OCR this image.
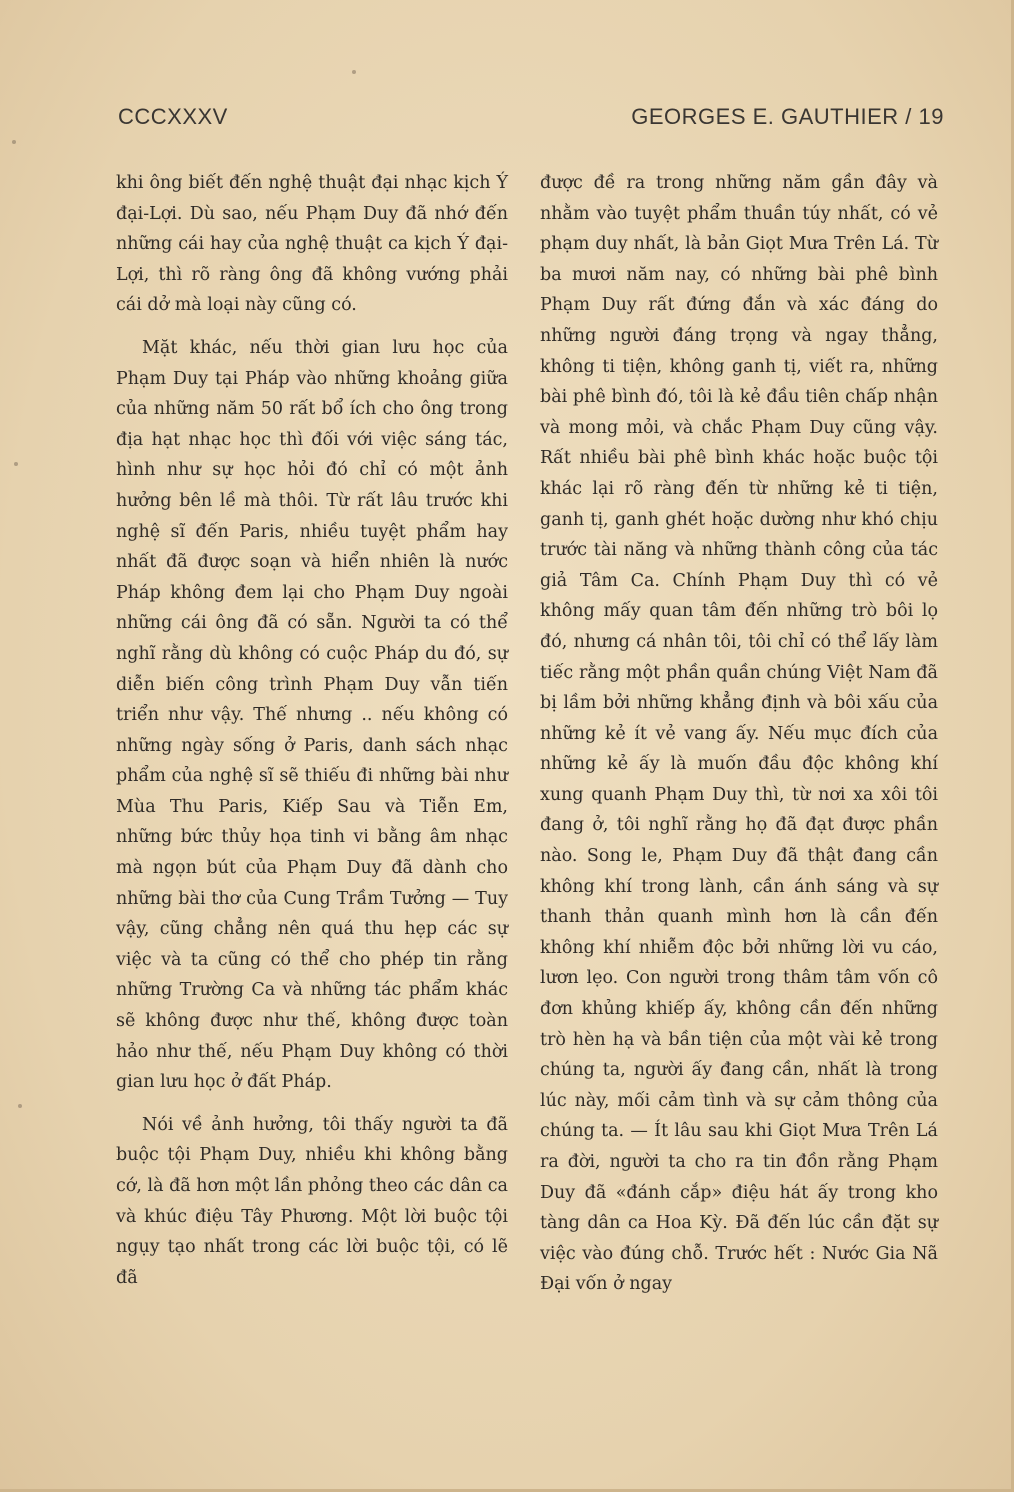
CCCXXXV	GEORGES E. GAUTHIER / 19

khi ông biết đến nghệ thuật đại nhạc kịch Ý đại-Lợi. Dù sao, nếu Phạm Duy đã nhớ đến những cái hay của nghệ thuật ca kịch Ý đại-Lợi, thì rõ ràng ông đã không vướng phải cái dở mà loại này cũng có.

Mặt khác, nếu thời gian lưu học của Phạm Duy tại Pháp vào những khoảng giữa của những năm 50 rất bổ ích cho ông trong địa hạt nhạc học thì đối với việc sáng tác, hình như sự học hỏi đó chỉ có một ảnh hưởng bên lề mà thôi. Từ rất lâu trước khi nghệ sĩ đến Paris, nhiều tuyệt phẩm hay nhất đã được soạn và hiển nhiên là nước Pháp không đem lại cho Phạm Duy ngoài những cái ông đã có sẵn. Người ta có thể nghĩ rằng dù không có cuộc Pháp du đó, sự diễn biến công trình Phạm Duy vẫn tiến triển như vậy. Thế nhưng .. nếu không có những ngày sống ở Paris, danh sách nhạc phẩm của nghệ sĩ sẽ thiếu đi những bài như Mùa Thu Paris, Kiếp Sau và Tiễn Em, những bức thủy họa tinh vi bằng âm nhạc mà ngọn bút của Phạm Duy đã dành cho những bài thơ của Cung Trầm Tưởng — Tuy vậy, cũng chẳng nên quá thu hẹp các sự việc và ta cũng có thể cho phép tin rằng những Trường Ca và những tác phẩm khác sẽ không được như thế, không được toàn hảo như thế, nếu Phạm Duy không có thời gian lưu học ở đất Pháp.

Nói về ảnh hưởng, tôi thấy người ta đã buộc tội Phạm Duy, nhiều khi không bằng cớ, là đã hơn một lần phỏng theo các dân ca và khúc điệu Tây Phương. Một lời buộc tội ngụy tạo nhất trong các lời buộc tội, có lẽ đã

được đề ra trong những năm gần đây và nhằm vào tuyệt phẩm thuần túy nhất, có vẻ phạm duy nhất, là bản Giọt Mưa Trên Lá. Từ ba mươi năm nay, có những bài phê bình Phạm Duy rất đứng đắn và xác đáng do những người đáng trọng và ngay thẳng, không ti tiện, không ganh tị, viết ra, những bài phê bình đó, tôi là kẻ đầu tiên chấp nhận và mong mỏi, và chắc Phạm Duy cũng vậy. Rất nhiều bài phê bình khác hoặc buộc tội khác lại rõ ràng đến từ những kẻ ti tiện, ganh tị, ganh ghét hoặc dường như khó chịu trước tài năng và những thành công của tác giả Tâm Ca. Chính Phạm Duy thì có vẻ không mấy quan tâm đến những trò bôi lọ đó, nhưng cá nhân tôi, tôi chỉ có thể lấy làm tiếc rằng một phần quần chúng Việt Nam đã bị lầm bởi những khẳng định và bôi xấu của những kẻ ít vẻ vang ấy. Nếu mục đích của những kẻ ấy là muốn đầu độc không khí xung quanh Phạm Duy thì, từ nơi xa xôi tôi đang ở, tôi nghĩ rằng họ đã đạt được phần nào. Song le, Phạm Duy đã thật đang cần không khí trong lành, cần ánh sáng và sự thanh thản quanh mình hơn là cần đến không khí nhiễm độc bởi những lời vu cáo, lươn lẹo. Con người trong thâm tâm vốn cô đơn khủng khiếp ấy, không cần đến những trò hèn hạ và bần tiện của một vài kẻ trong chúng ta, người ấy đang cần, nhất là trong lúc này, mối cảm tình và sự cảm thông của chúng ta. — Ít lâu sau khi Giọt Mưa Trên Lá ra đời, người ta cho ra tin đồn rằng Phạm Duy đã «đánh cắp» điệu hát ấy trong kho tàng dân ca Hoa Kỳ. Đã đến lúc cần đặt sự việc vào đúng chỗ. Trước hết : Nước Gia Nã Đại vốn ở ngay
